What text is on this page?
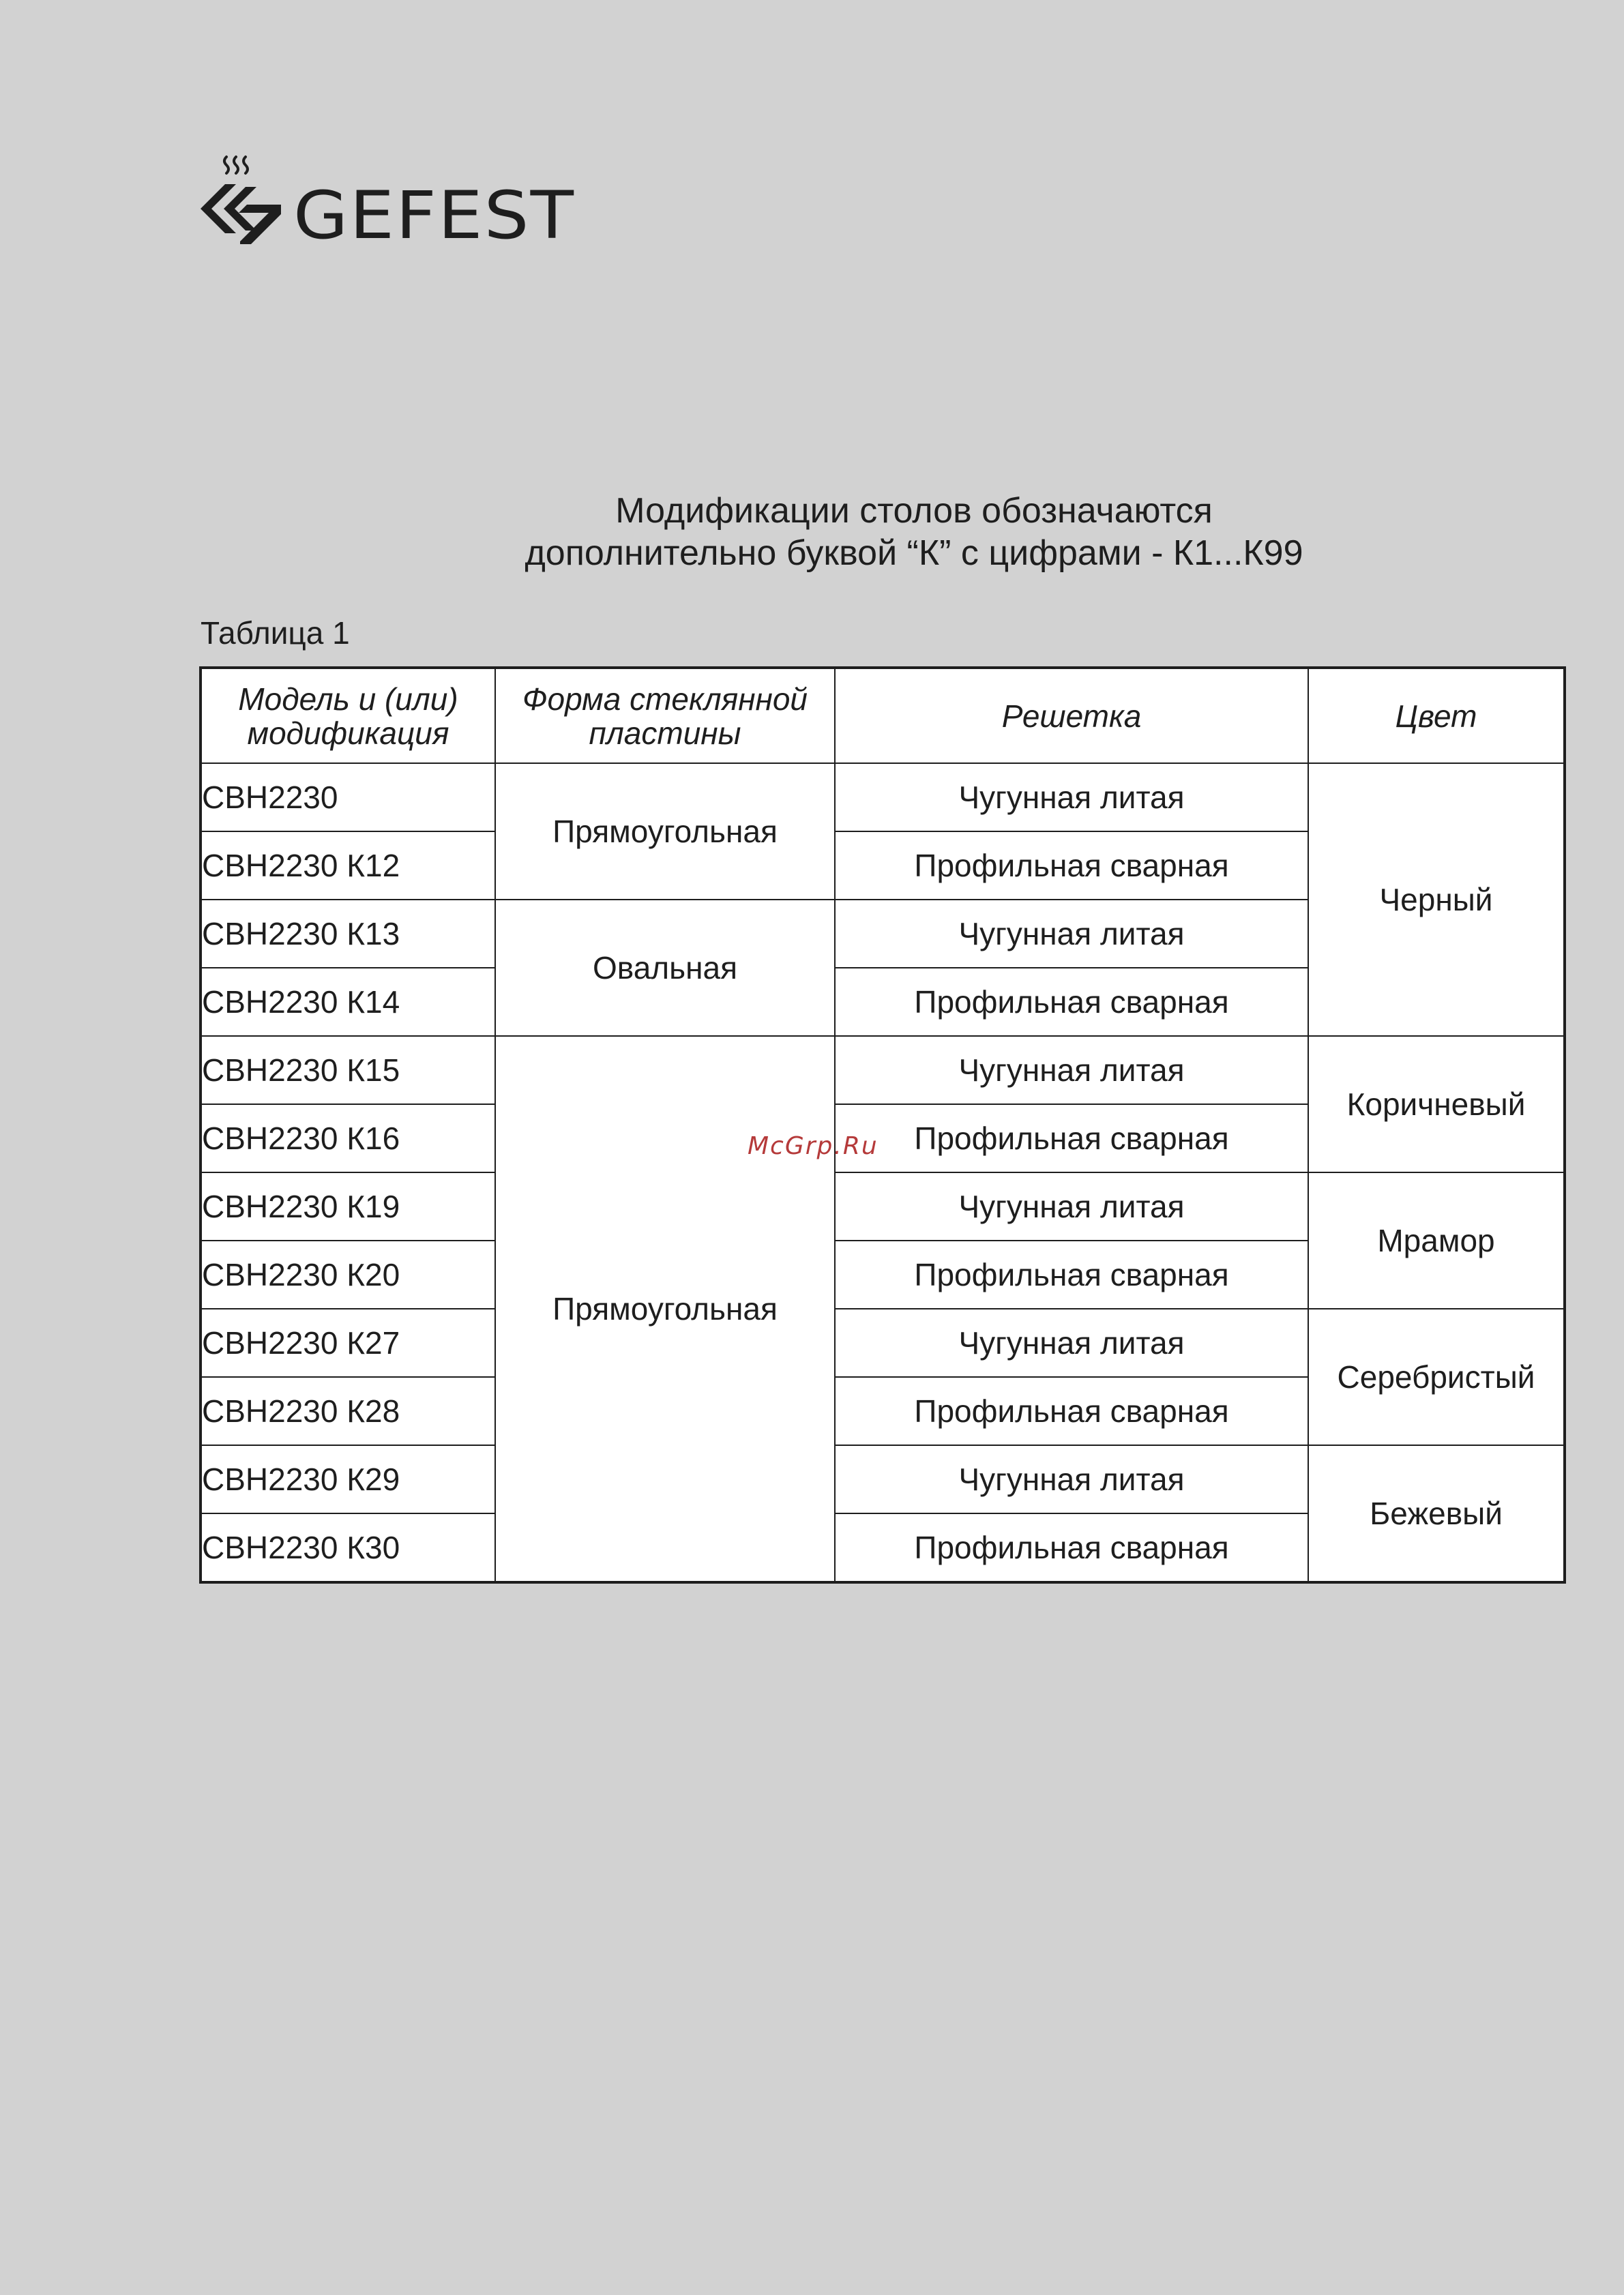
GEFEST
Модификации столов обозначаются
дополнительно буквой “К” с цифрами - К1...К99
Таблица 1
Модель и (или) модификация	Форма стеклянной пластины	Решетка	Цвет
СВН2230	Прямоугольная	Чугунная литая	Черный
СВН2230 К12		Профильная сварная	
СВН2230 К13	Овальная	Чугунная литая	
СВН2230 К14		Профильная сварная	
СВН2230 К15	Прямоугольная	Чугунная литая	Коричневый
СВН2230 К16		Профильная сварная	
СВН2230 К19		Чугунная литая	Мрамор
СВН2230 К20		Профильная сварная	
СВН2230 К27		Чугунная литая	Серебристый
СВН2230 К28		Профильная сварная	
СВН2230 К29		Чугунная литая	Бежевый
СВН2230 К30		Профильная сварная	
McGrp.Ru
